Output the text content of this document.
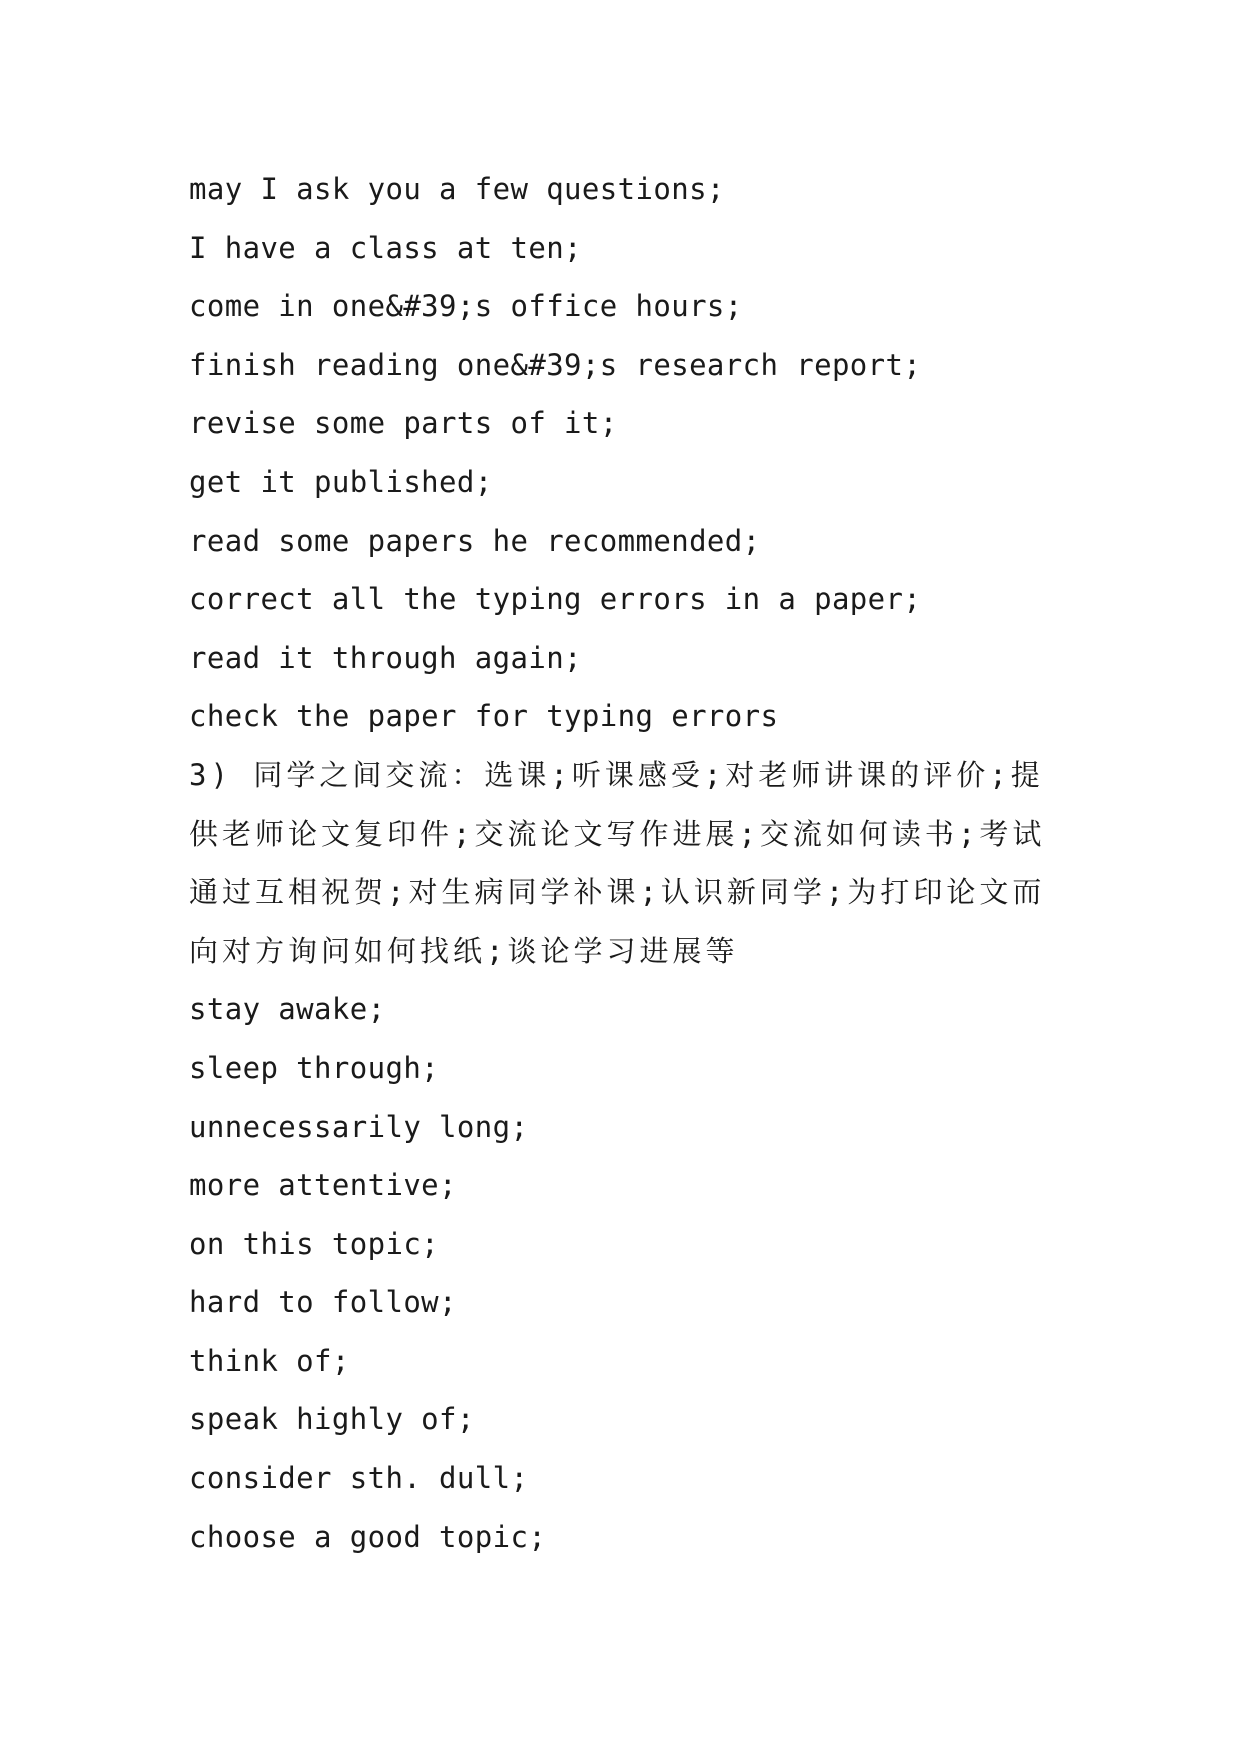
may I ask you a few questions;
I have a class at ten;
come in one&#39;s office hours;
finish reading one&#39;s research report;
revise some parts of it;
get it published;
read some papers he recommended;
correct all the typing errors in a paper;
read it through again;
check the paper for typing errors
3) 同学之间交流：选课;听课感受;对老师讲课的评价;提供老师论文复印件;交流论文写作进展;交流如何读书;考试通过互相祝贺;对生病同学补课;认识新同学;为打印论文而向对方询问如何找纸;谈论学习进展等
stay awake;
sleep through;
unnecessarily long;
more attentive;
on this topic;
hard to follow;
think of;
speak highly of;
consider sth. dull;
choose a good topic;
